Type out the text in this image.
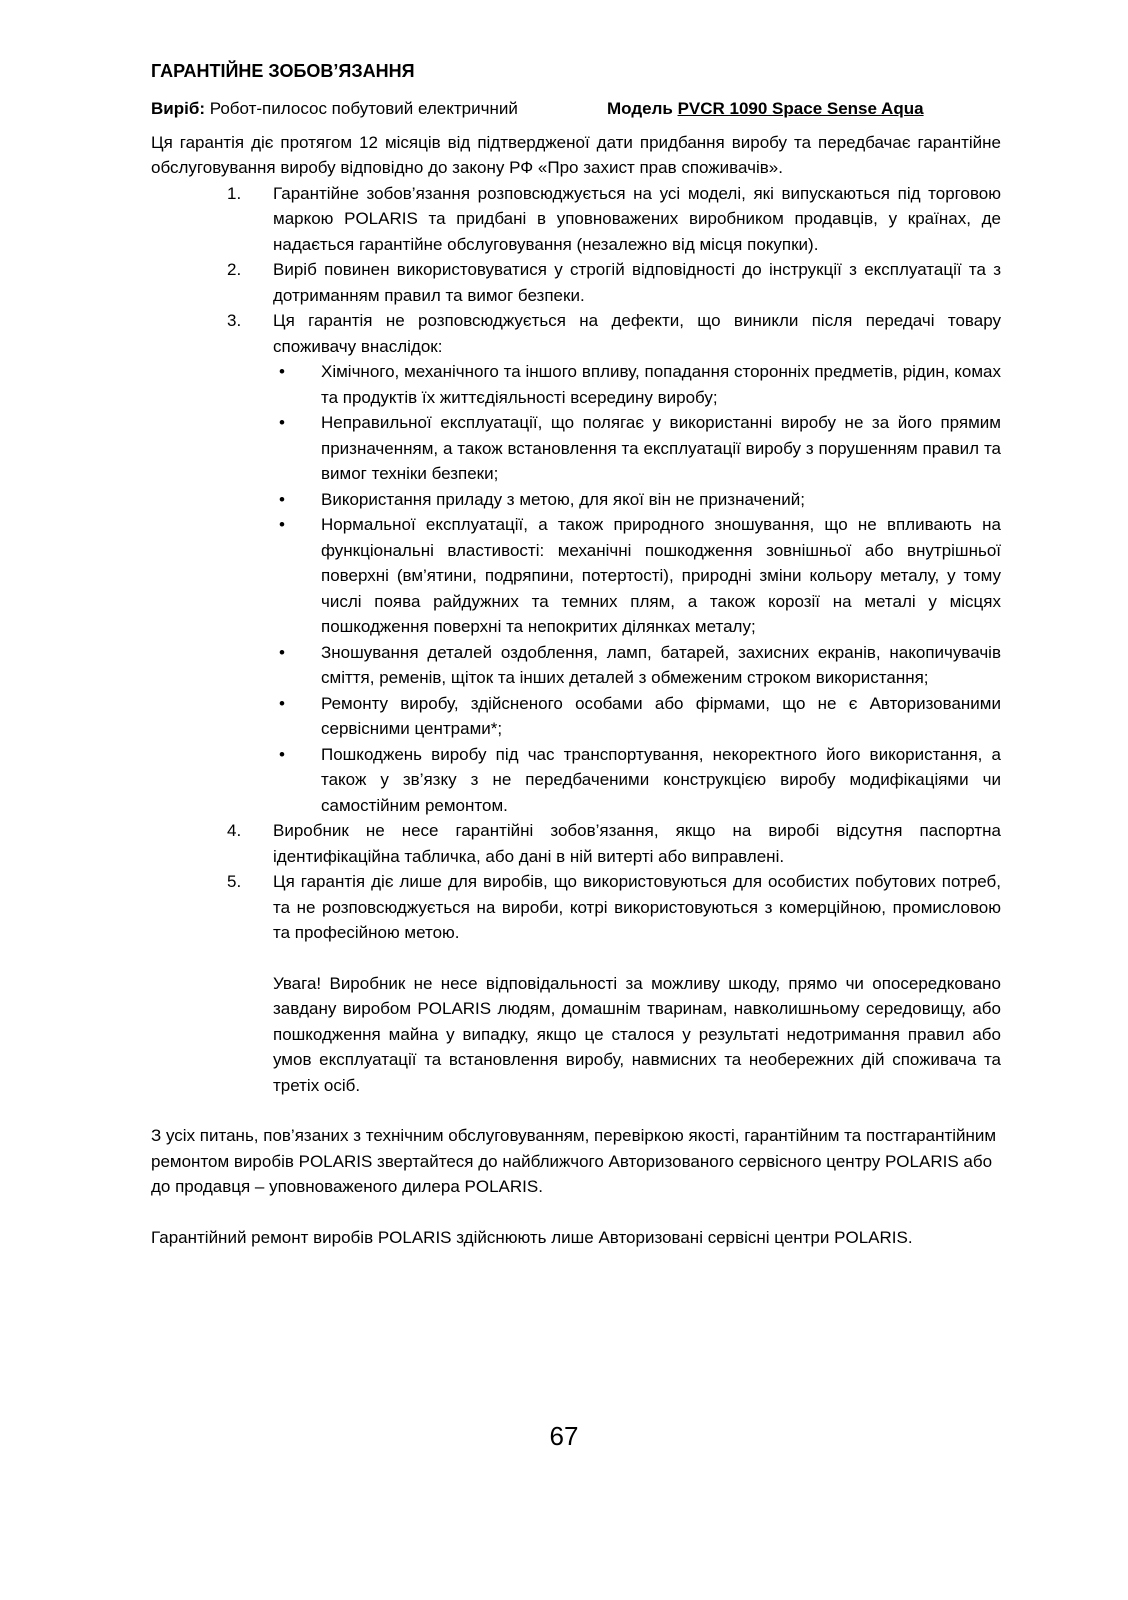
ГАРАНТІЙНЕ ЗОБОВ’ЯЗАННЯ
Виріб: Робот-пилосос побутовий електричний	Модель PVCR 1090 Space Sense Aqua
Ця гарантія діє протягом 12 місяців від підтвердженої дати придбання виробу та передбачає гарантійне обслуговування виробу відповідно до закону РФ «Про захист прав споживачів».
1. Гарантійне зобов’язання розповсюджується на усі моделі, які випускаються під торговою маркою POLARIS та придбані в уповноважених виробником продавців, у країнах, де надається гарантійне обслуговування (незалежно від місця покупки).
2. Виріб повинен використовуватися у строгій відповідності до інструкції з експлуатації та з дотриманням правил та вимог безпеки.
3. Ця гарантія не розповсюджується на дефекти, що виникли після передачі товару споживачу внаслідок:
• Хімічного, механічного та іншого впливу, попадання сторонніх предметів, рідин, комах та продуктів їх життєдіяльності всередину виробу;
• Неправильної експлуатації, що полягає у використанні виробу не за його прямим призначенням, а також встановлення та експлуатації виробу з порушенням правил та вимог техніки безпеки;
• Використання приладу з метою, для якої він не призначений;
• Нормальної експлуатації, а також природного зношування, що не впливають на функціональні властивості: механічні пошкодження зовнішньої або внутрішньої поверхні (вм’ятини, подряпини, потертості), природні зміни кольору металу, у тому числі поява райдужних та темних плям, а також корозії на металі у місцях пошкодження поверхні та непокритих ділянках металу;
• Зношування деталей оздоблення, ламп, батарей, захисних екранів, накопичувачів сміття, ременів, щіток та інших деталей з обмеженим строком використання;
• Ремонту виробу, здійсненого особами або фірмами, що не є Авторизованими сервісними центрами*;
• Пошкоджень виробу під час транспортування, некоректного його використання, а також у зв’язку з не передбаченими конструкцією виробу модифікаціями чи самостійним ремонтом.
4. Виробник не несе гарантійні зобов’язання, якщо на виробі відсутня паспортна ідентифікаційна табличка, або дані в ній витерті або виправлені.
5. Ця гарантія діє лише для виробів, що використовуються для особистих побутових потреб, та не розповсюджується на вироби, котрі використовуються з комерційною, промисловою та професійною метою.
Увага! Виробник не несе відповідальності за можливу шкоду, прямо чи опосередковано завдану виробом POLARIS людям, домашнім тваринам, навколишньому середовищу, або пошкодження майна у випадку, якщо це сталося у результаті недотримання правил або умов експлуатації та встановлення виробу, навмисних та необережних дій споживача та третіх осіб.
З усіх питань, пов’язаних з технічним обслуговуванням, перевіркою якості, гарантійним та постгарантійним ремонтом виробів POLARIS звертайтеся до найближчого Авторизованого сервісного центру POLARIS або до продавця – уповноваженого дилера POLARIS.
Гарантійний ремонт виробів POLARIS здійснюють лише Авторизовані сервісні центри POLARIS.
67
